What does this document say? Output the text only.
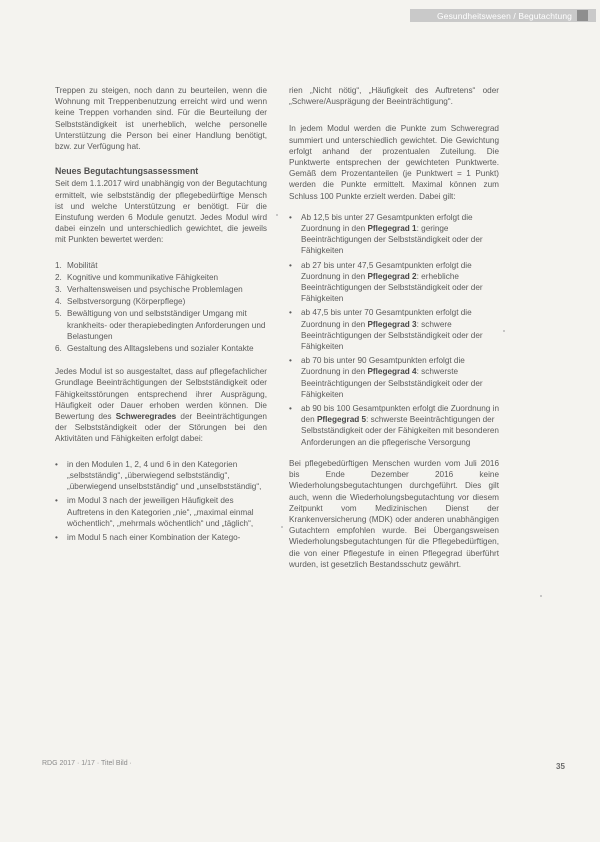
Gesundheitswesen / Begutachtung

Treppen zu steigen, noch dann zu beurteilen, wenn die Wohnung mit Treppenbenutzung erreicht wird und wenn keine Treppen vorhanden sind. Für die Beurteilung der Selbstständigkeit ist unerheblich, welche personelle Unterstützung die Person bei einer Handlung benötigt, bzw. zur Verfügung hat.

Neues Begutachtungsassessment

Seit dem 1.1.2017 wird unabhängig von der Begutachtung ermittelt, wie selbstständig der pflegebedürftige Mensch ist und welche Unterstützung er benötigt. Für die Einstufung werden 6 Module genutzt. Jedes Modul wird dabei einzeln und unterschiedlich gewichtet, die jeweils mit Punkten bewertet werden:

1. Mobilität
2. Kognitive und kommunikative Fähigkeiten
3. Verhaltensweisen und psychische Problemlagen
4. Selbstversorgung (Körperpflege)
5. Bewältigung von und selbstständiger Umgang mit krankheits- oder therapiebedingten Anforderungen und Belastungen
6. Gestaltung des Alltagslebens und sozialer Kontakte

Jedes Modul ist so ausgestaltet, dass auf pflegefachlicher Grundlage Beeinträchtigungen der Selbstständigkeit oder Fähigkeitsstörungen entsprechend ihrer Ausprägung, Häufigkeit oder Dauer erhoben werden können. Die Bewertung des Schweregrades der Beeinträchtigungen der Selbstständigkeit oder der Störungen bei den Aktivitäten und Fähigkeiten erfolgt dabei:

•	in den Modulen 1, 2, 4 und 6 in den Kategorien „selbstständig“, „überwiegend selbstständig“, „überwiegend unselbstständig“ und „unselbstständig“,
•	im Modul 3 nach der jeweiligen Häufigkeit des Auftretens in den Kategorien „nie“, „maximal einmal wöchentlich“, „mehrmals wöchentlich“ und „täglich“,
•	im Modul 5 nach einer Kombination der Katego-

rien „Nicht nötig“, „Häufigkeit des Auftretens“ oder „Schwere/Ausprägung der Beeinträchtigung“.

In jedem Modul werden die Punkte zum Schweregrad summiert und unterschiedlich gewichtet. Die Gewichtung erfolgt anhand der prozentualen Zuteilung. Die Punktwerte entsprechen der gewichteten Punktwerte. Gemäß dem Prozentanteilen (je Punktwert = 1 Punkt) werden die Punkte ermittelt. Maximal können zum Schluss 100 Punkte erzielt werden. Dabei gilt:

•	Ab 12,5 bis unter 27 Gesamtpunkten erfolgt die Zuordnung in den Pflegegrad 1: geringe Beeinträchtigungen der Selbstständigkeit oder der Fähigkeiten
•	ab 27 bis unter 47,5 Gesamtpunkten erfolgt die Zuordnung in den Pflegegrad 2: erhebliche Beeinträchtigungen der Selbstständigkeit oder der Fähigkeiten
•	ab 47,5 bis unter 70 Gesamtpunkten erfolgt die Zuordnung in den Pflegegrad 3: schwere Beeinträchtigungen der Selbstständigkeit oder der Fähigkeiten
•	ab 70 bis unter 90 Gesamtpunkten erfolgt die Zuordnung in den Pflegegrad 4: schwerste Beeinträchtigungen der Selbstständigkeit oder der Fähigkeiten
•	ab 90 bis 100 Gesamtpunkten erfolgt die Zuordnung in den Pflegegrad 5: schwerste Beeinträchtigungen der Selbstständigkeit oder der Fähigkeiten mit besonderen Anforderungen an die pflegerische Versorgung

Bei pflegebedürftigen Menschen wurden vom Juli 2016 bis Ende Dezember 2016 keine Wiederholungsbegutachtungen durchgeführt. Dies gilt auch, wenn die Wiederholungsbegutachtung vor diesem Zeitpunkt vom Medizinischen Dienst der Krankenversicherung (MDK) oder anderen unabhängigen Gutachtern empfohlen wurde. Bei Übergangsweisen Wiederholungsbegutachtungen für die Pflegebedürftigen, die von einer Pflegestufe in einen Pflegegrad überführt wurden, ist gesetzlich Bestandsschutz gewährt.

RDG 2017 · 1/17 · Titel Bild ·	35
